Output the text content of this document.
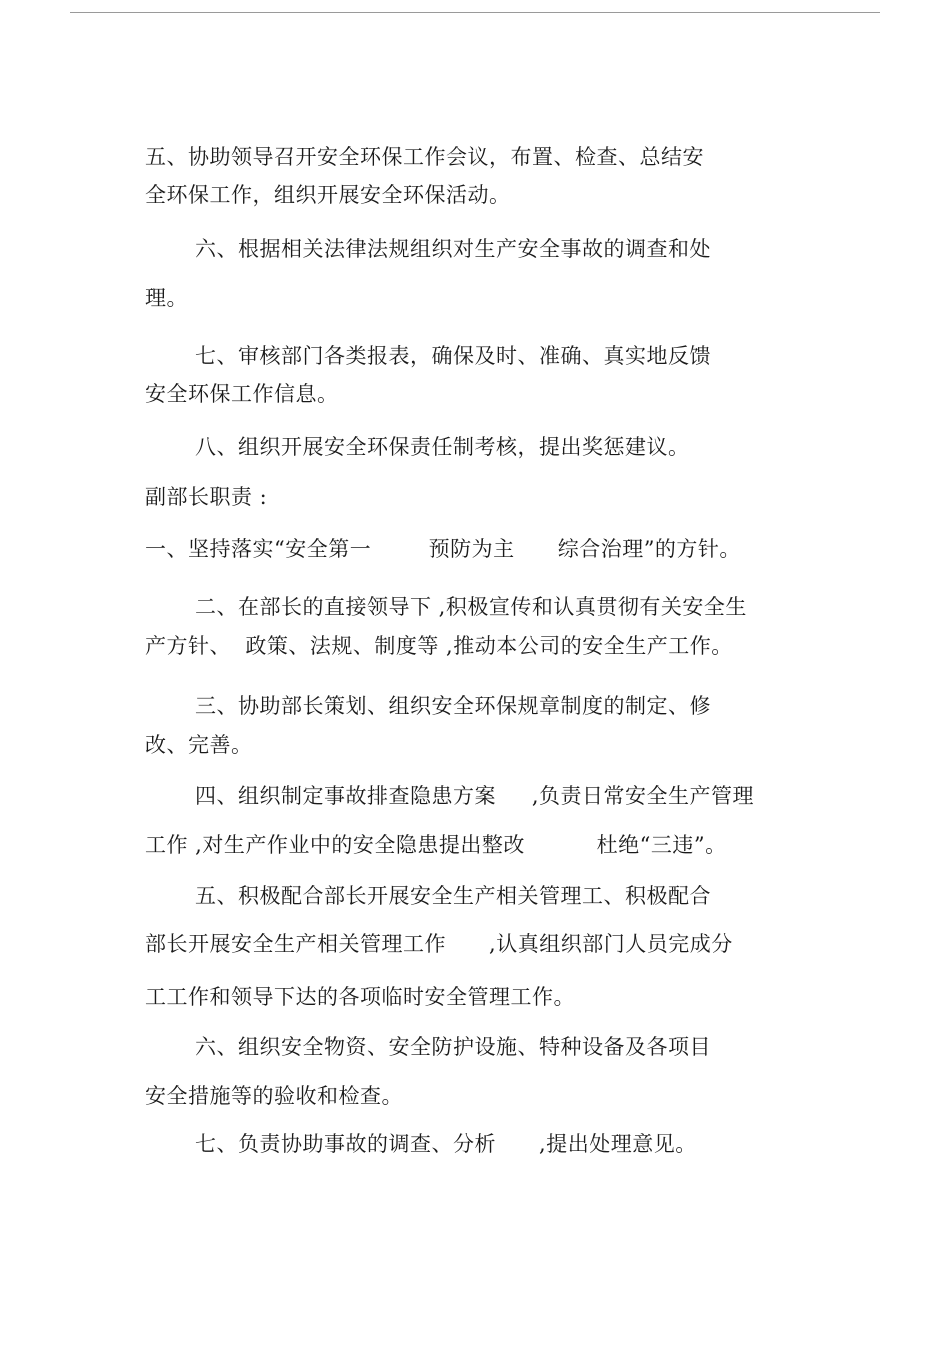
五、协助领导召开安全环保工作会议，布置、检查、总结安
全环保工作，组织开展安全环保活动。
六、根据相关法律法规组织对生产安全事故的调查和处
理。
七、审核部门各类报表，确保及时、准确、真实地反馈
安全环保工作信息。
八、组织开展安全环保责任制考核，提出奖惩建议。
副部长职责 :
一、坚持落实“安全第一        预防为主      综合治理”的方针。
二、在部长的直接领导下 ,积极宣传和认真贯彻有关安全生
产方针、  政策、法规、制度等 ,推动本公司的安全生产工作。
三、协助部长策划、组织安全环保规章制度的制定、修
改、完善。
四、组织制定事故排查隐患方案     ,负责日常安全生产管理
工作 ,对生产作业中的安全隐患提出整改          杜绝“三违”。
五、积极配合部长开展安全生产相关管理工、积极配合
部长开展安全生产相关管理工作      ,认真组织部门人员完成分
工工作和领导下达的各项临时安全管理工作。
六、组织安全物资、安全防护设施、特种设备及各项目
安全措施等的验收和检查。
七、负责协助事故的调查、分析      ,提出处理意见。
